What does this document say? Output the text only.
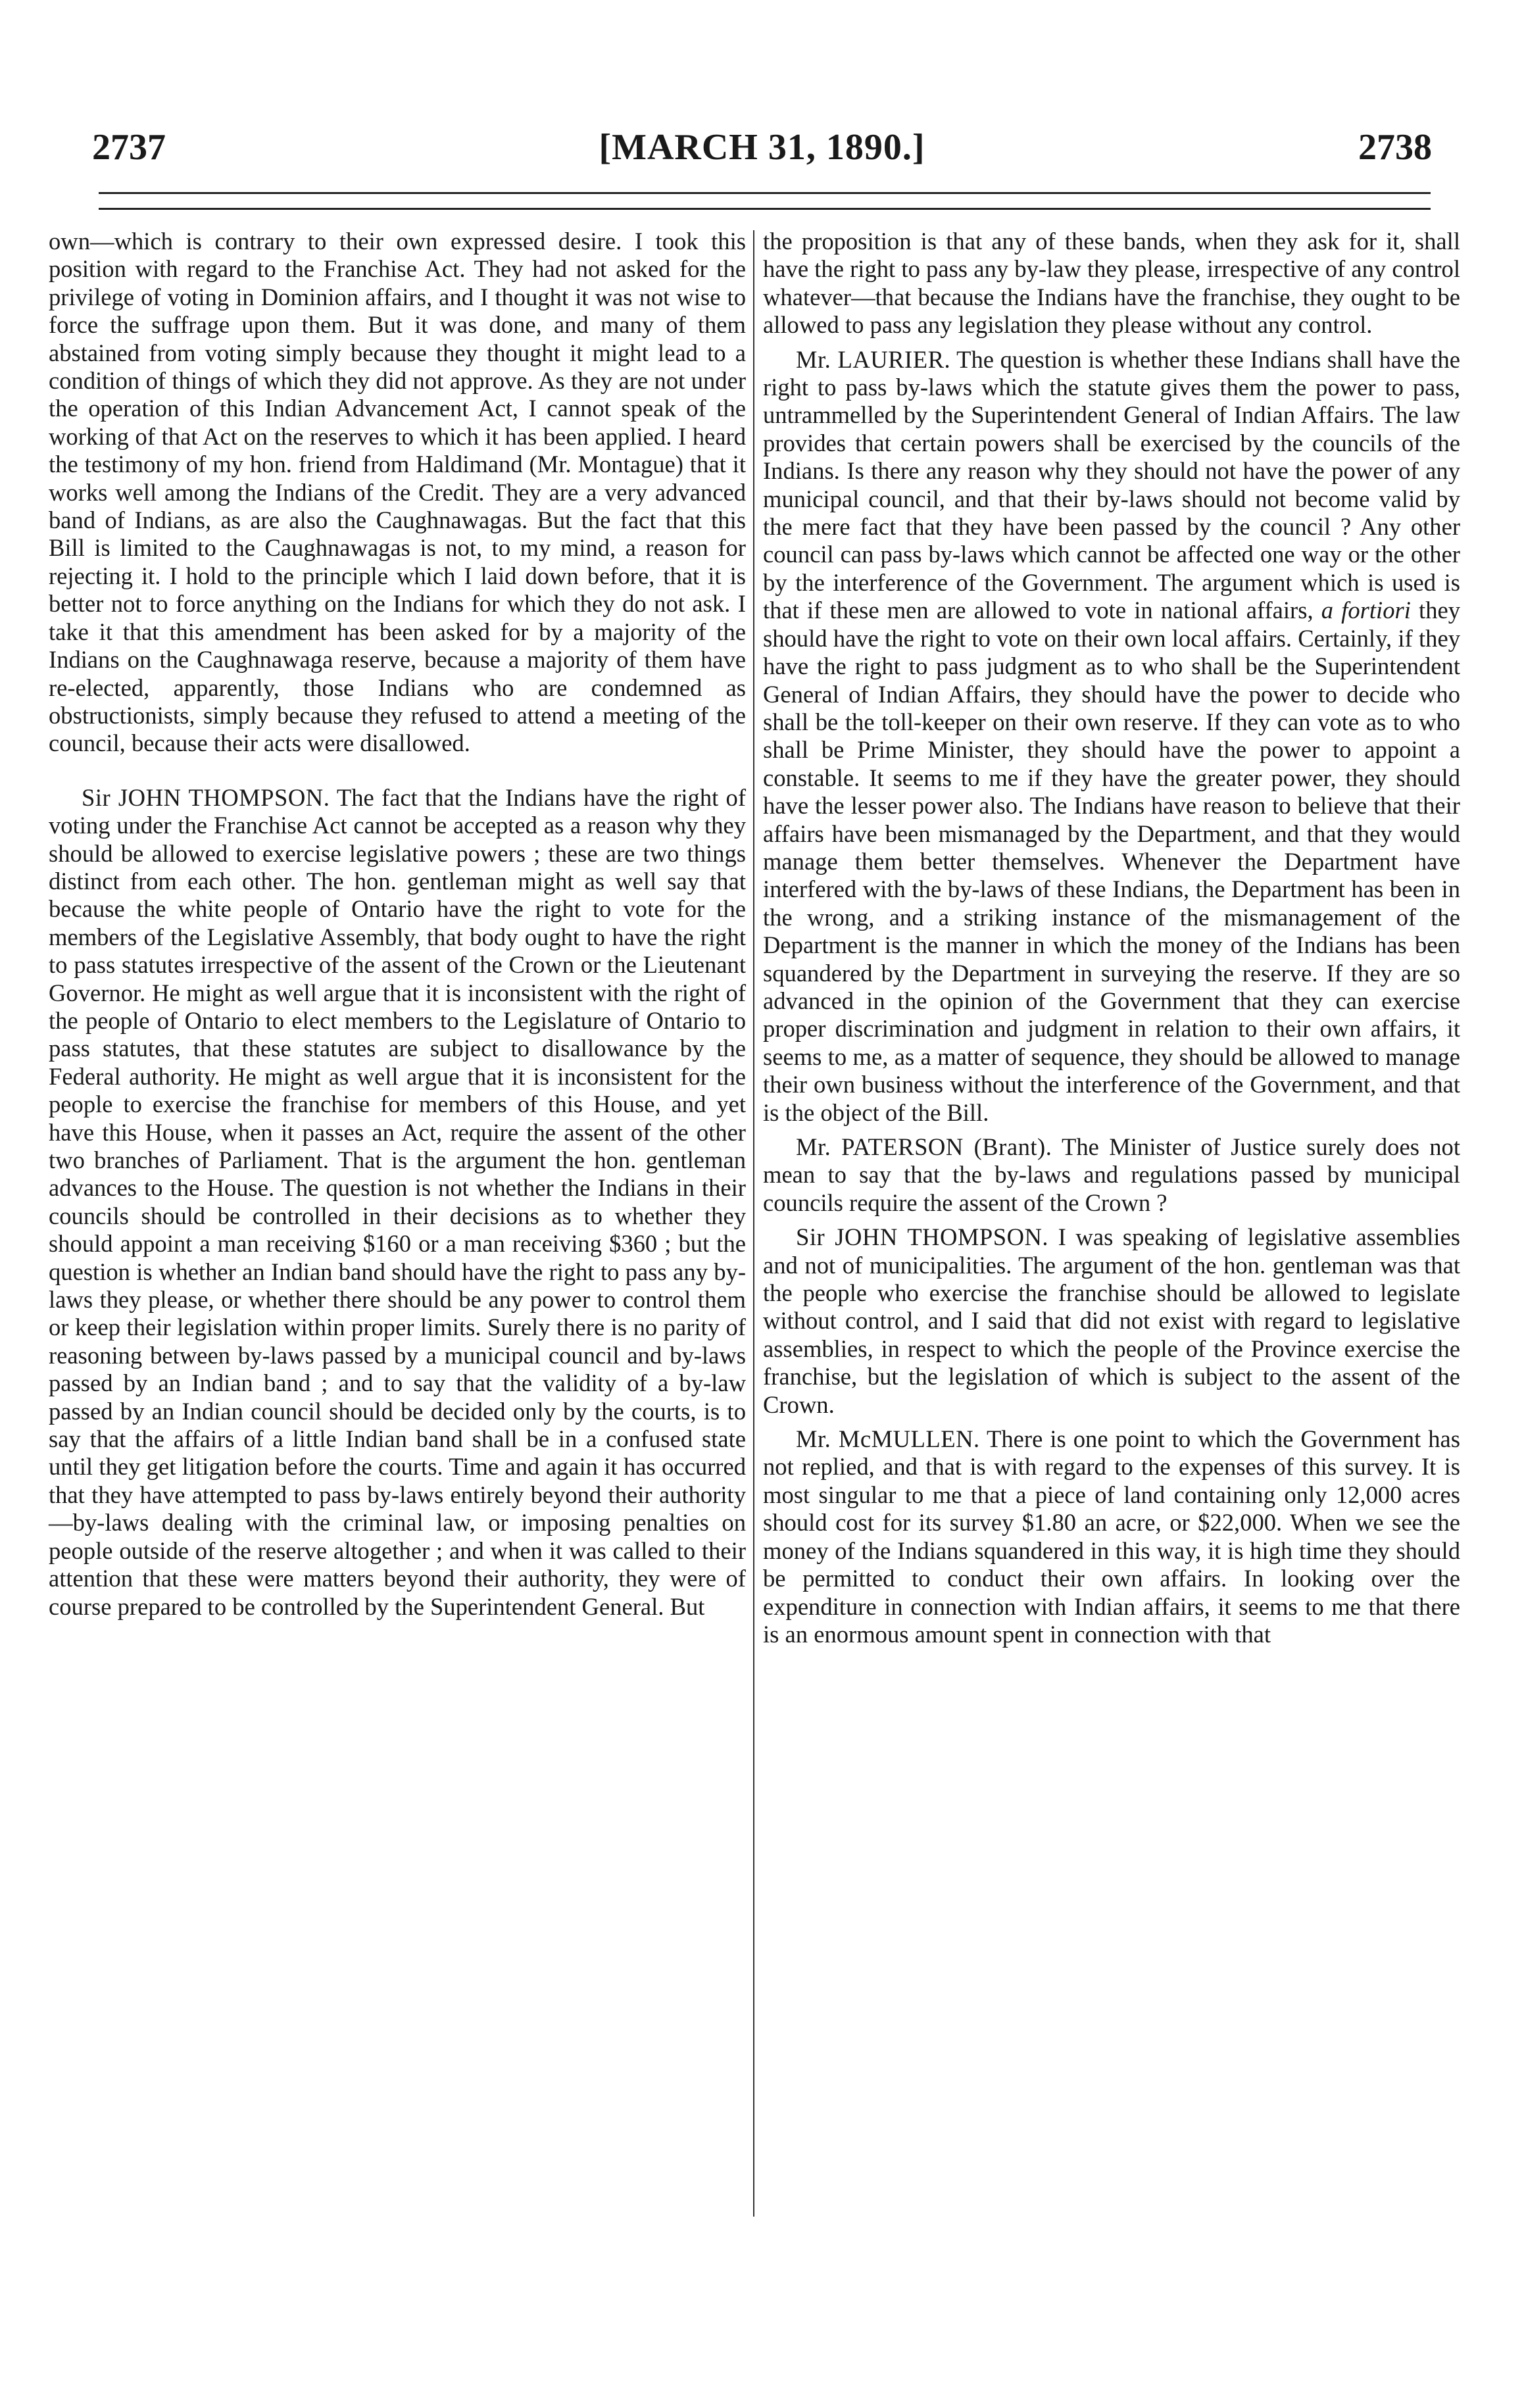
2737	[MARCH 31, 1890.]	2738

own—which is contrary to their own expressed desire. I took this position with regard to the Franchise Act. They had not asked for the privilege of voting in Dominion affairs, and I thought it was not wise to force the suffrage upon them. But it was done, and many of them abstained from voting simply because they thought it might lead to a condition of things of which they did not approve. As they are not under the operation of this Indian Advancement Act, I cannot speak of the working of that Act on the reserves to which it has been applied. I heard the testimony of my hon. friend from Haldimand (Mr. Montague) that it works well among the Indians of the Credit. They are a very advanced band of Indians, as are also the Caughnawagas. But the fact that this Bill is limited to the Caughnawagas is not, to my mind, a reason for rejecting it. I hold to the principle which I laid down before, that it is better not to force anything on the Indians for which they do not ask. I take it that this amendment has been asked for by a majority of the Indians on the Caughnawaga reserve, because a majority of them have re-elected, apparently, those Indians who are condemned as obstructionists, simply because they refused to attend a meeting of the council, because their acts were disallowed.

Sir JOHN THOMPSON. The fact that the Indians have the right of voting under the Franchise Act cannot be accepted as a reason why they should be allowed to exercise legislative powers ; these are two things distinct from each other. The hon. gentleman might as well say that because the white people of Ontario have the right to vote for the members of the Legislative Assembly, that body ought to have the right to pass statutes irrespective of the assent of the Crown or the Lieutenant Governor. He might as well argue that it is inconsistent with the right of the people of Ontario to elect members to the Legislature of Ontario to pass statutes, that these statutes are subject to disallowance by the Federal authority. He might as well argue that it is inconsistent for the people to exercise the franchise for members of this House, and yet have this House, when it passes an Act, require the assent of the other two branches of Parliament. That is the argument the hon. gentleman advances to the House. The question is not whether the Indians in their councils should be controlled in their decisions as to whether they should appoint a man receiving $160 or a man receiving $360 ; but the question is whether an Indian band should have the right to pass any by-laws they please, or whether there should be any power to control them or keep their legislation within proper limits. Surely there is no parity of reasoning between by-laws passed by a municipal council and by-laws passed by an Indian band ; and to say that the validity of a by-law passed by an Indian council should be decided only by the courts, is to say that the affairs of a little Indian band shall be in a confused state until they get litigation before the courts. Time and again it has occurred that they have attempted to pass by-laws entirely beyond their authority—by-laws dealing with the criminal law, or imposing penalties on people outside of the reserve altogether ; and when it was called to their attention that these were matters beyond their authority, they were of course prepared to be controlled by the Superintendent General. But

the proposition is that any of these bands, when they ask for it, shall have the right to pass any by-law they please, irrespective of any control whatever—that because the Indians have the franchise, they ought to be allowed to pass any legislation they please without any control.

Mr. LAURIER. The question is whether these Indians shall have the right to pass by-laws which the statute gives them the power to pass, untrammelled by the Superintendent General of Indian Affairs. The law provides that certain powers shall be exercised by the councils of the Indians. Is there any reason why they should not have the power of any municipal council, and that their by-laws should not become valid by the mere fact that they have been passed by the council ? Any other council can pass by-laws which cannot be affected one way or the other by the interference of the Government. The argument which is used is that if these men are allowed to vote in national affairs, a fortiori they should have the right to vote on their own local affairs. Certainly, if they have the right to pass judgment as to who shall be the Superintendent General of Indian Affairs, they should have the power to decide who shall be the toll-keeper on their own reserve. If they can vote as to who shall be Prime Minister, they should have the power to appoint a constable. It seems to me if they have the greater power, they should have the lesser power also. The Indians have reason to believe that their affairs have been mismanaged by the Department, and that they would manage them better themselves. Whenever the Department have interfered with the by-laws of these Indians, the Department has been in the wrong, and a striking instance of the mismanagement of the Department is the manner in which the money of the Indians has been squandered by the Department in surveying the reserve. If they are so advanced in the opinion of the Government that they can exercise proper discrimination and judgment in relation to their own affairs, it seems to me, as a matter of sequence, they should be allowed to manage their own business without the interference of the Government, and that is the object of the Bill.

Mr. PATERSON (Brant). The Minister of Justice surely does not mean to say that the by-laws and regulations passed by municipal councils require the assent of the Crown ?

Sir JOHN THOMPSON. I was speaking of legislative assemblies and not of municipalities. The argument of the hon. gentleman was that the people who exercise the franchise should be allowed to legislate without control, and I said that did not exist with regard to legislative assemblies, in respect to which the people of the Province exercise the franchise, but the legislation of which is subject to the assent of the Crown.

Mr. McMULLEN. There is one point to which the Government has not replied, and that is with regard to the expenses of this survey. It is most singular to me that a piece of land containing only 12,000 acres should cost for its survey $1.80 an acre, or $22,000. When we see the money of the Indians squandered in this way, it is high time they should be permitted to conduct their own affairs. In looking over the expenditure in connection with Indian affairs, it seems to me that there is an enormous amount spent in connection with that
